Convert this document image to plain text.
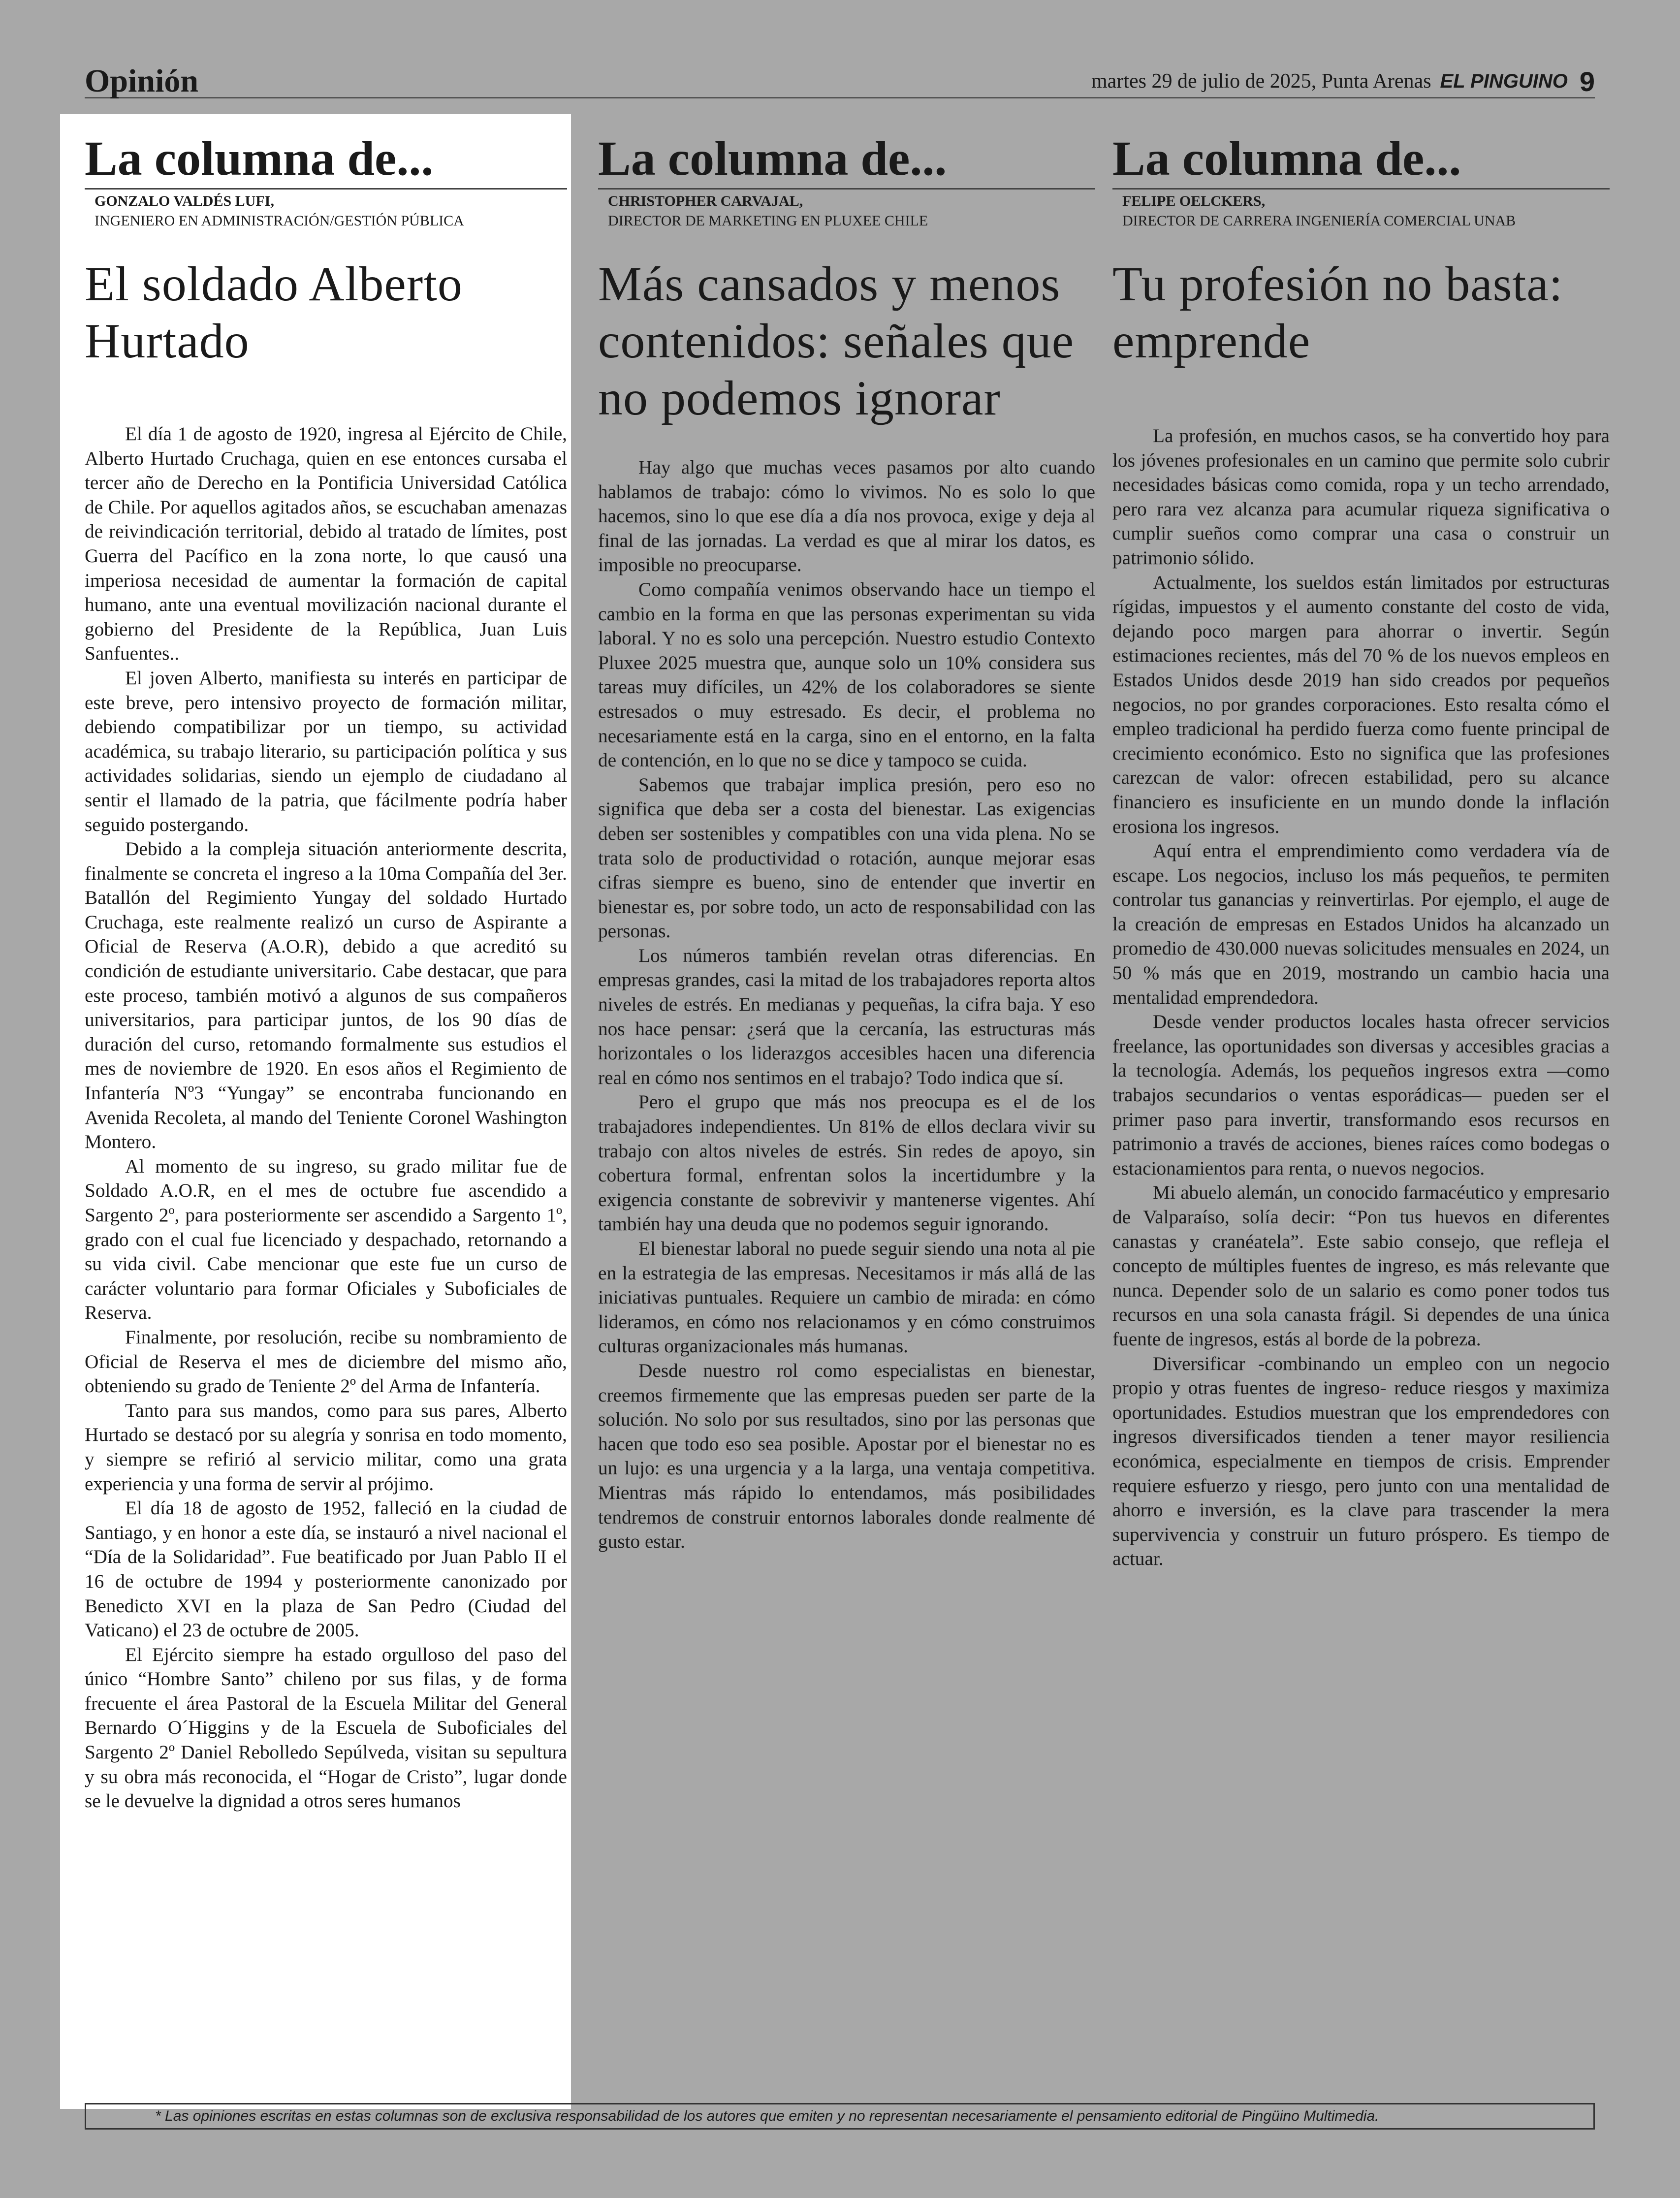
Opinión	martes 29 de julio de 2025, Punta Arenas EL PINGUINO 9
La columna de...
GONZALO VALDÉS LUFI,
INGENIERO EN ADMINISTRACIÓN/GESTIÓN PÚBLICA
El soldado Alberto Hurtado

El día 1 de agosto de 1920, ingresa al Ejército de Chile, Alberto Hurtado Cruchaga, quien en ese entonces cursaba el tercer año de Derecho en la Pontificia Universidad Católica de Chile. Por aquellos agitados años, se escuchaban amenazas de reivindicación territorial, debido al tratado de límites, post Guerra del Pacífico en la zona norte, lo que causó una imperiosa necesidad de aumentar la formación de capital humano, ante una eventual movilización nacional durante el gobierno del Presidente de la República, Juan Luis Sanfuentes..

El joven Alberto, manifiesta su interés en participar de este breve, pero intensivo proyecto de formación militar, debiendo compatibilizar por un tiempo, su actividad académica, su trabajo literario, su participación política y sus actividades solidarias, siendo un ejemplo de ciudadano al sentir el llamado de la patria, que fácilmente podría haber seguido postergando.

Debido a la compleja situación anteriormente descrita, finalmente se concreta el ingreso a la 10ma Compañía del 3er. Batallón del Regimiento Yungay del soldado Hurtado Cruchaga, este realmente realizó un curso de Aspirante a Oficial de Reserva (A.O.R), debido a que acreditó su condición de estudiante universitario. Cabe destacar, que para este proceso, también motivó a algunos de sus compañeros universitarios, para participar juntos, de los 90 días de duración del curso, retomando formalmente sus estudios el mes de noviembre de 1920. En esos años el Regimiento de Infantería Nº3 “Yungay” se encontraba funcionando en Avenida Recoleta, al mando del Teniente Coronel Washington Montero.

Al momento de su ingreso, su grado militar fue de Soldado A.O.R, en el mes de octubre fue ascendido a Sargento 2º, para posteriormente ser ascendido a Sargento 1º, grado con el cual fue licenciado y despachado, retornando a su vida civil. Cabe mencionar que este fue un curso de carácter voluntario para formar Oficiales y Suboficiales de Reserva.

Finalmente, por resolución, recibe su nombramiento de Oficial de Reserva el mes de diciembre del mismo año, obteniendo su grado de Teniente 2º del Arma de Infantería.

Tanto para sus mandos, como para sus pares, Alberto Hurtado se destacó por su alegría y sonrisa en todo momento, y siempre se refirió al servicio militar, como una grata experiencia y una forma de servir al prójimo.

El día 18 de agosto de 1952, falleció en la ciudad de Santiago, y en honor a este día, se instauró a nivel nacional el “Día de la Solidaridad”. Fue beatificado por Juan Pablo II el 16 de octubre de 1994 y posteriormente canonizado por Benedicto XVI en la plaza de San Pedro (Ciudad del Vaticano) el 23 de octubre de 2005.

El Ejército siempre ha estado orgulloso del paso del único “Hombre Santo” chileno por sus filas, y de forma frecuente el área Pastoral de la Escuela Militar del General Bernardo O´Higgins y de la Escuela de Suboficiales del Sargento 2º Daniel Rebolledo Sepúlveda, visitan su sepultura y su obra más reconocida, el “Hogar de Cristo”, lugar donde se le devuelve la dignidad a otros seres humanos

La columna de...
CHRISTOPHER CARVAJAL,
DIRECTOR DE MARKETING EN PLUXEE CHILE
Más cansados y menos contenidos: señales que no podemos ignorar

Hay algo que muchas veces pasamos por alto cuando hablamos de trabajo: cómo lo vivimos. No es solo lo que hacemos, sino lo que ese día a día nos provoca, exige y deja al final de las jornadas. La verdad es que al mirar los datos, es imposible no preocuparse.

Como compañía venimos observando hace un tiempo el cambio en la forma en que las personas experimentan su vida laboral. Y no es solo una percepción. Nuestro estudio Contexto Pluxee 2025 muestra que, aunque solo un 10% considera sus tareas muy difíciles, un 42% de los colaboradores se siente estresados o muy estresado. Es decir, el problema no necesariamente está en la carga, sino en el entorno, en la falta de contención, en lo que no se dice y tampoco se cuida.

Sabemos que trabajar implica presión, pero eso no significa que deba ser a costa del bienestar. Las exigencias deben ser sostenibles y compatibles con una vida plena. No se trata solo de productividad o rotación, aunque mejorar esas cifras siempre es bueno, sino de entender que invertir en bienestar es, por sobre todo, un acto de responsabilidad con las personas.

Los números también revelan otras diferencias. En empresas grandes, casi la mitad de los trabajadores reporta altos niveles de estrés. En medianas y pequeñas, la cifra baja. Y eso nos hace pensar: ¿será que la cercanía, las estructuras más horizontales o los liderazgos accesibles hacen una diferencia real en cómo nos sentimos en el trabajo? Todo indica que sí.

Pero el grupo que más nos preocupa es el de los trabajadores independientes. Un 81% de ellos declara vivir su trabajo con altos niveles de estrés. Sin redes de apoyo, sin cobertura formal, enfrentan solos la incertidumbre y la exigencia constante de sobrevivir y mantenerse vigentes. Ahí también hay una deuda que no podemos seguir ignorando.

El bienestar laboral no puede seguir siendo una nota al pie en la estrategia de las empresas. Necesitamos ir más allá de las iniciativas puntuales. Requiere un cambio de mirada: en cómo lideramos, en cómo nos relacionamos y en cómo construimos culturas organizacionales más humanas.

Desde nuestro rol como especialistas en bienestar, creemos firmemente que las empresas pueden ser parte de la solución. No solo por sus resultados, sino por las personas que hacen que todo eso sea posible. Apostar por el bienestar no es un lujo: es una urgencia y a la larga, una ventaja competitiva. Mientras más rápido lo entendamos, más posibilidades tendremos de construir entornos laborales donde realmente dé gusto estar.

La columna de...
FELIPE OELCKERS,
DIRECTOR DE CARRERA INGENIERÍA COMERCIAL UNAB
Tu profesión no basta: emprende

La profesión, en muchos casos, se ha convertido hoy para los jóvenes profesionales en un camino que permite solo cubrir necesidades básicas como comida, ropa y un techo arrendado, pero rara vez alcanza para acumular riqueza significativa o cumplir sueños como comprar una casa o construir un patrimonio sólido.

Actualmente, los sueldos están limitados por estructuras rígidas, impuestos y el aumento constante del costo de vida, dejando poco margen para ahorrar o invertir. Según estimaciones recientes, más del 70 % de los nuevos empleos en Estados Unidos desde 2019 han sido creados por pequeños negocios, no por grandes corporaciones. Esto resalta cómo el empleo tradicional ha perdido fuerza como fuente principal de crecimiento económico. Esto no significa que las profesiones carezcan de valor: ofrecen estabilidad, pero su alcance financiero es insuficiente en un mundo donde la inflación erosiona los ingresos.

Aquí entra el emprendimiento como verdadera vía de escape. Los negocios, incluso los más pequeños, te permiten controlar tus ganancias y reinvertirlas. Por ejemplo, el auge de la creación de empresas en Estados Unidos ha alcanzado un promedio de 430.000 nuevas solicitudes mensuales en 2024, un 50 % más que en 2019, mostrando un cambio hacia una mentalidad emprendedora.

Desde vender productos locales hasta ofrecer servicios freelance, las oportunidades son diversas y accesibles gracias a la tecnología. Además, los pequeños ingresos extra —como trabajos secundarios o ventas esporádicas— pueden ser el primer paso para invertir, transformando esos recursos en patrimonio a través de acciones, bienes raíces como bodegas o estacionamientos para renta, o nuevos negocios.

Mi abuelo alemán, un conocido farmacéutico y empresario de Valparaíso, solía decir: “Pon tus huevos en diferentes canastas y cranéatela”. Este sabio consejo, que refleja el concepto de múltiples fuentes de ingreso, es más relevante que nunca. Depender solo de un salario es como poner todos tus recursos en una sola canasta frágil. Si dependes de una única fuente de ingresos, estás al borde de la pobreza.

Diversificar -combinando un empleo con un negocio propio y otras fuentes de ingreso- reduce riesgos y maximiza oportunidades. Estudios muestran que los emprendedores con ingresos diversificados tienden a tener mayor resiliencia económica, especialmente en tiempos de crisis. Emprender requiere esfuerzo y riesgo, pero junto con una mentalidad de ahorro e inversión, es la clave para trascender la mera supervivencia y construir un futuro próspero. Es tiempo de actuar.

* Las opiniones escritas en estas columnas son de exclusiva responsabilidad de los autores que emiten y no representan necesariamente el pensamiento editorial de Pingüino Multimedia.
